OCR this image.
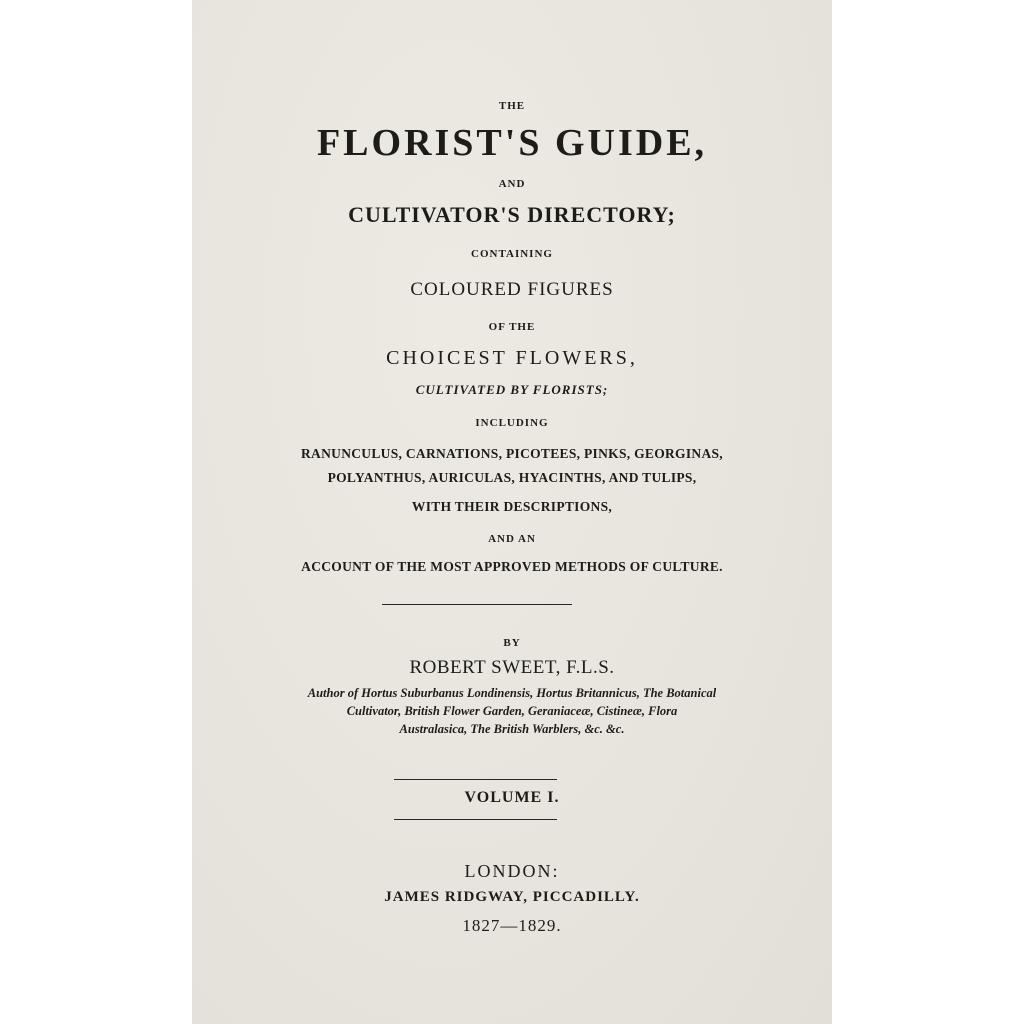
THE
FLORIST'S GUIDE,
AND
CULTIVATOR'S DIRECTORY;
CONTAINING
COLOURED FIGURES
OF THE
CHOICEST FLOWERS,
CULTIVATED BY FLORISTS;
INCLUDING
RANUNCULUS, CARNATIONS, PICOTEES, PINKS, GEORGINAS,
POLYANTHUS, AURICULAS, HYACINTHS, AND TULIPS,
WITH THEIR DESCRIPTIONS,
AND AN
ACCOUNT OF THE MOST APPROVED METHODS OF CULTURE.
BY
ROBERT SWEET, F.L.S.
Author of Hortus Suburbanus Londinensis, Hortus Britannicus, The Botanical
Cultivator, British Flower Garden, Geraniaceæ, Cistineæ, Flora
Australasica, The British Warblers, &c. &c.
VOLUME I.
LONDON:
JAMES RIDGWAY, PICCADILLY.
1827—1829.
